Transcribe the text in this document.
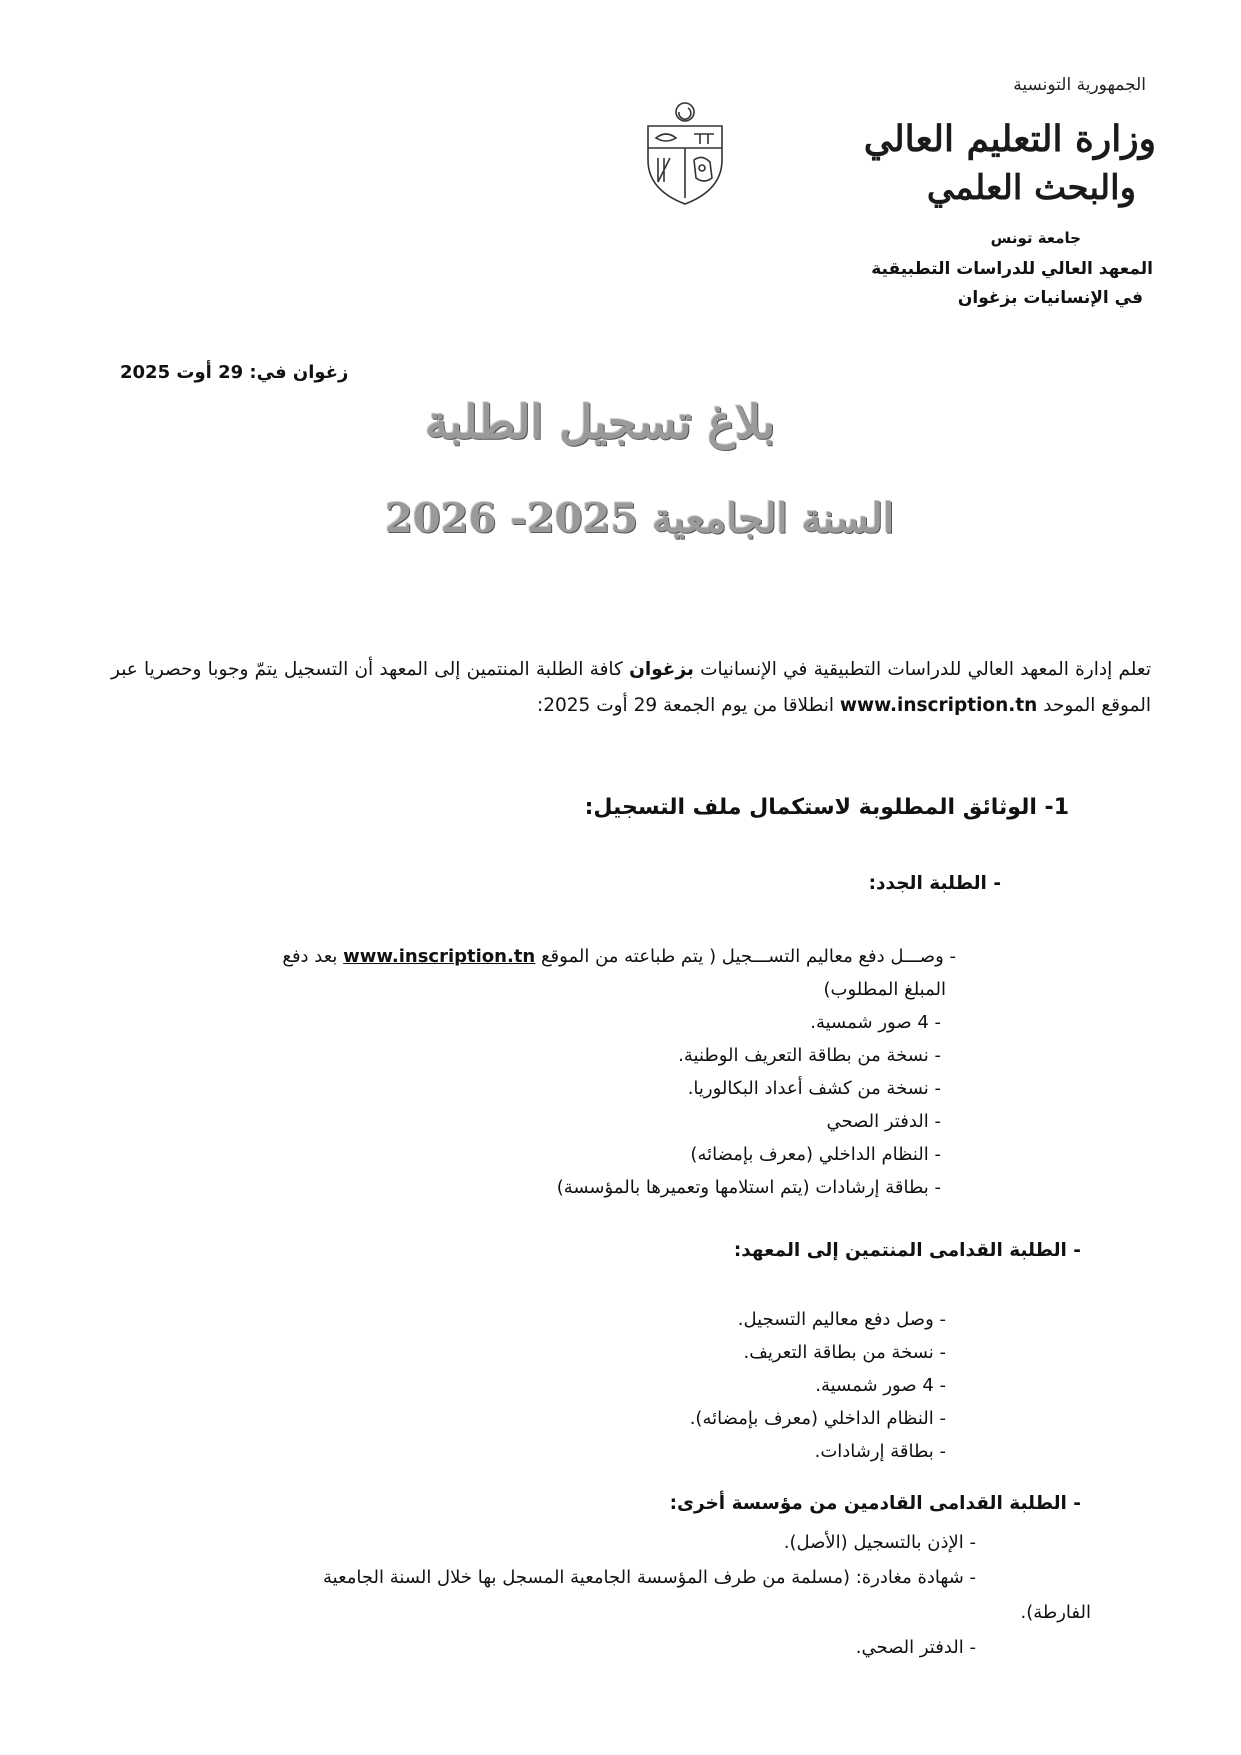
الجمهورية التونسية
وزارة التعليم العالي
والبحث العلمي
جامعة تونس
المعهد العالي للدراسات التطبيقية
في الإنسانيات بزغوان
زغوان في: 29 أوت 2025
بلاغ تسجيل الطلبة
السنة الجامعية 2025- 2026
تعلم إدارة المعهد العالي للدراسات التطبيقية في الإنسانيات بزغوان كافة الطلبة المنتمين إلى المعهد أن التسجيل يتمّ وجوبا وحصريا عبر الموقع الموحد www.inscription.tn انطلاقا من يوم الجمعة 29 أوت 2025:
1- الوثائق المطلوبة لاستكمال ملف التسجيل:
- الطلبة الجدد:
- وصـــل دفع معاليم التســـجيل ( يتم طباعته من الموقع www.inscription.tn بعد دفع
المبلغ المطلوب)
- 4 صور شمسية.
- نسخة من بطاقة التعريف الوطنية.
- نسخة من كشف أعداد البكالوريا.
- الدفتر الصحي
- النظام الداخلي (معرف بإمضائه)
- بطاقة إرشادات (يتم استلامها وتعميرها بالمؤسسة)
- الطلبة القدامى المنتمين إلى المعهد:
- وصل دفع معاليم التسجيل.
- نسخة من بطاقة التعريف.
- 4 صور شمسية.
- النظام الداخلي (معرف بإمضائه).
- بطاقة إرشادات.
- الطلبة القدامى القادمين من مؤسسة أخرى:
- الإذن بالتسجيل (الأصل).
- شهادة مغادرة: (مسلمة من طرف المؤسسة الجامعية المسجل بها خلال السنة الجامعية
الفارطة).
- الدفتر الصحي.
